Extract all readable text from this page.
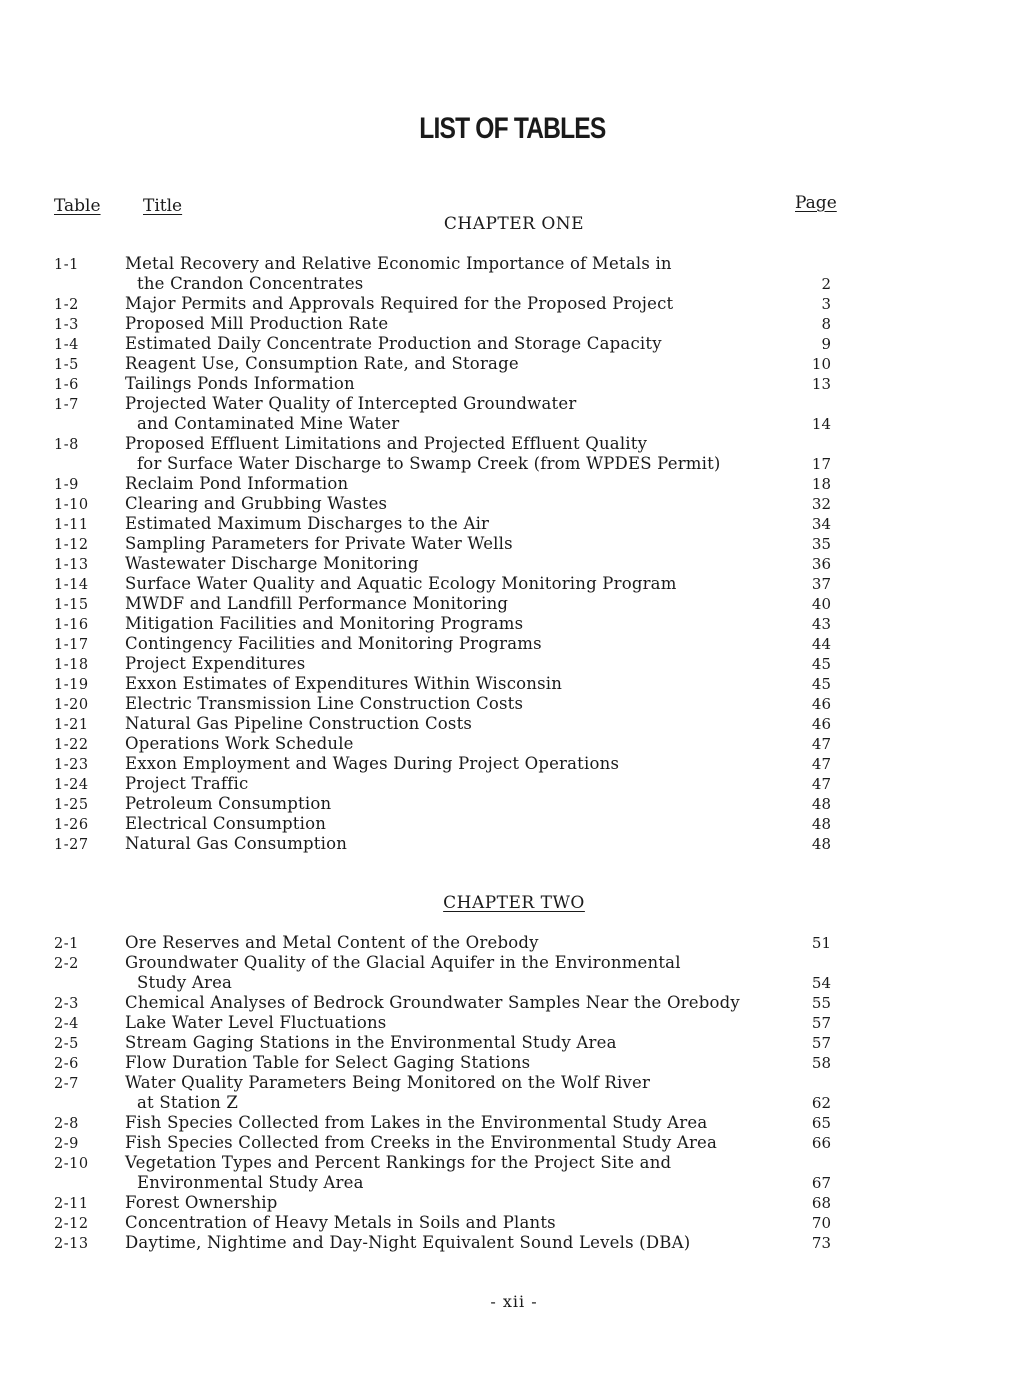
LIST OF TABLES
Table Title	Page
CHAPTER ONE
1-1	Metal Recovery and Relative Economic Importance of Metals in
the Crandon Concentrates	2
1-2	Major Permits and Approvals Required for the Proposed Project	3
1-3	Proposed Mill Production Rate	8
1-4	Estimated Daily Concentrate Production and Storage Capacity	9
1-5	Reagent Use, Consumption Rate, and Storage	10
1-6	Tailings Ponds Information	13
1-7	Projected Water Quality of Intercepted Groundwater
and Contaminated Mine Water	14
1-8	Proposed Effluent Limitations and Projected Effluent Quality
for Surface Water Discharge to Swamp Creek (from WPDES Permit)	17
1-9	Reclaim Pond Information	18
1-10 Clearing and Grubbing Wastes	32
1-11 Estimated Maximum Discharges to the Air	34
1-12 Sampling Parameters for Private Water Wells	35
1-13 Wastewater Discharge Monitoring	36
1-14 Surface Water Quality and Aquatic Ecology Monitoring Program	37
1-15 MWDF and Landfill Performance Monitoring	40
1-16 Mitigation Facilities and Monitoring Programs	43
1-17 Contingency Facilities and Monitoring Programs	44
1-18 Project Expenditures	45
1-19 Exxon Estimates of Expenditures Within Wisconsin	45
1-20 Electric Transmission Line Construction Costs	46
1-21 Natural Gas Pipeline Construction Costs	46
1-22 Operations Work Schedule	47
1-23 Exxon Employment and Wages During Project Operations	47
1-24 Project Traffic	47
1-25 Petroleum Consumption	48
1-26 Electrical Consumption	48
1-27 Natural Gas Consumption	48
CHAPTER TWO
2-1	Ore Reserves and Metal Content of the Orebody	51
2-2	Groundwater Quality of the Glacial Aquifer in the Environmental
Study Area	54
2-3	Chemical Analyses of Bedrock Groundwater Samples Near the Orebody	55
2-4	Lake Water Level Fluctuations	57
2-5	Stream Gaging Stations in the Environmental Study Area	57
2-6	Flow Duration Table for Select Gaging Stations	58
2-7	Water Quality Parameters Being Monitored on the Wolf River
at Station Z	62
2-8	Fish Species Collected from Lakes in the Environmental Study Area	65
2-9	Fish Species Collected from Creeks in the Environmental Study Area	66
2-10 Vegetation Types and Percent Rankings for the Project Site and
Environmental Study Area	67
2-11 Forest Ownership	68
2-12 Concentration of Heavy Metals in Soils and Plants	70
2-13 Daytime, Nightime and Day-Night Equivalent Sound Levels (DBA)	73
- xii -
